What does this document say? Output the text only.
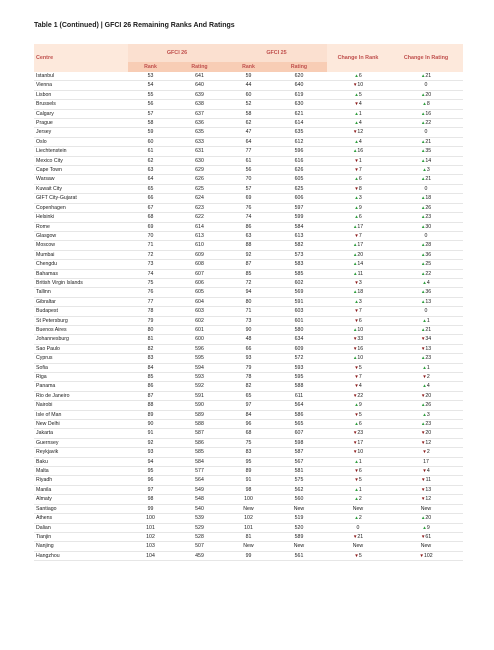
Table 1 (Continued) | GFCI 26 Remaining Ranks And Ratings
Centre	GFCI 26		GFCI 25		Change In Rank	Change In Rating
	Rank	Rating	Rank	Rating		
Istanbul	53	641	59	620	▲6	▲21
Vienna	54	640	44	640	▼10	0
Lisbon	55	639	60	619	▲5	▲20
Brussels	56	638	52	630	▼4	▲8
Calgary	57	637	58	621	▲1	▲16
Prague	58	636	62	614	▲4	▲22
Jersey	59	635	47	635	▼12	0
Oslo	60	633	64	612	▲4	▲21
Liechtenstein	61	631	77	596	▲16	▲35
Mexico City	62	630	61	616	▼1	▲14
Cape Town	63	629	56	626	▼7	▲3
Warsaw	64	626	70	605	▲6	▲21
Kuwait City	65	625	57	625	▼8	0
GIFT City-Gujarat	66	624	69	606	▲3	▲18
Copenhagen	67	623	76	597	▲9	▲26
Helsinki	68	622	74	599	▲6	▲23
Rome	69	614	86	584	▲17	▲30
Glasgow	70	613	63	613	▼7	0
Moscow	71	610	88	582	▲17	▲28
Mumbai	72	609	92	573	▲20	▲36
Chengdu	73	608	87	583	▲14	▲25
Bahamas	74	607	85	585	▲11	▲22
British Virgin Islands	75	606	72	602	▼3	▲4
Tallinn	76	605	94	569	▲18	▲36
Gibraltar	77	604	80	591	▲3	▲13
Budapest	78	603	71	603	▼7	0
St Petersburg	79	602	73	601	▼6	▲1
Buenos Aires	80	601	90	580	▲10	▲21
Johannesburg	81	600	48	634	▼33	▼34
Sao Paulo	82	596	66	609	▼16	▼13
Cyprus	83	595	93	572	▲10	▲23
Sofia	84	594	79	593	▼5	▲1
Riga	85	593	78	595	▼7	▼2
Panama	86	592	82	588	▼4	▲4
Rio de Janeiro	87	591	65	611	▼22	▼20
Nairobi	88	590	97	564	▲9	▲26
Isle of Man	89	589	84	586	▼5	▲3
New Delhi	90	588	96	565	▲6	▲23
Jakarta	91	587	68	607	▼23	▼20
Guernsey	92	586	75	598	▼17	▼12
Reykjavik	93	585	83	587	▼10	▼2
Baku	94	584	95	567	▲1	17
Malta	95	577	89	581	▼6	▼4
Riyadh	96	564	91	575	▼5	▼11
Manila	97	549	98	562	▲1	▼13
Almaty	98	548	100	560	▲2	▼12
Santiago	99	540	New	New	New	New
Athens	100	539	102	519	▲2	▲20
Dalian	101	529	101	520	0	▲9
Tianjin	102	528	81	589	▼21	▼61
Nanjing	103	507	New	New	New	New
Hangzhou	104	459	99	561	▼5	▼102
